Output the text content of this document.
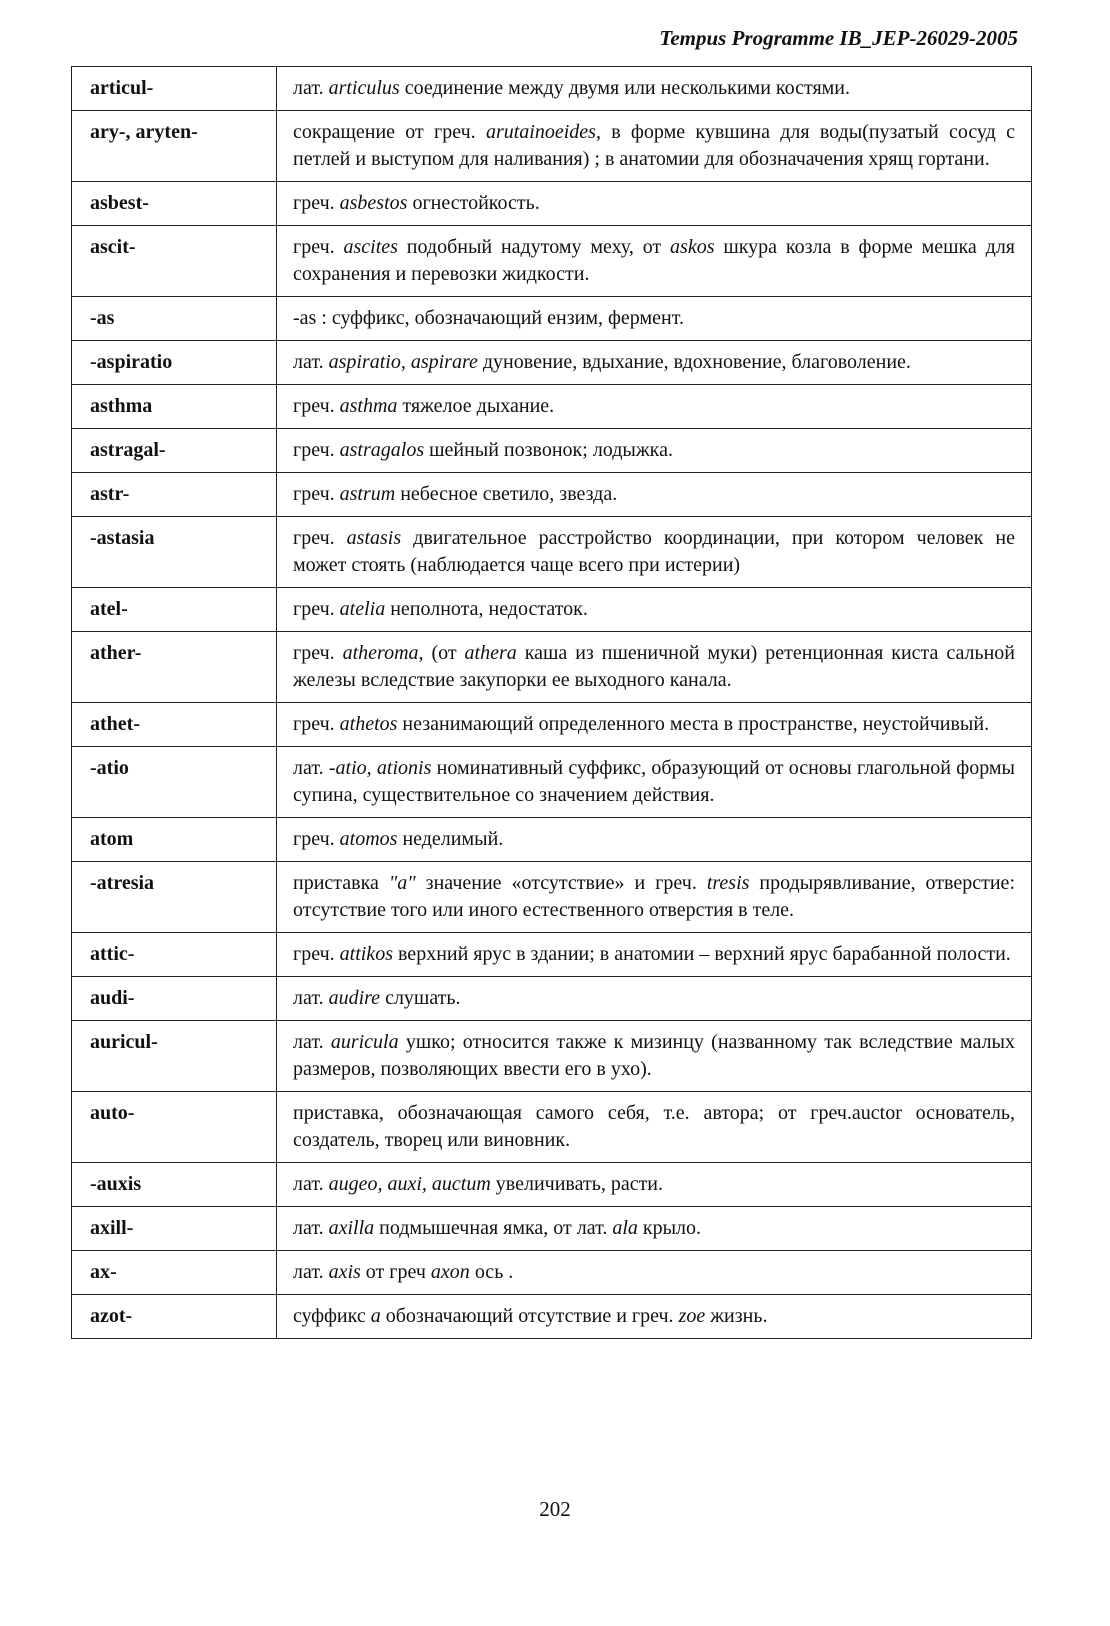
Tempus Programme IB_JEP-26029-2005
articul-	лат. articulus соединение между двумя или несколькими костями.
ary-, aryten-	сокращение от греч. arutainoeides, в форме кувшина для воды(пузатый сосуд с петлей и выступом для наливания) ; в анатомии для обозначачения хрящ гортани.
asbest-	греч. asbestos огнестойкость.
ascit-	греч. ascites подобный надутому меху, от askos шкура козла в форме мешка для сохранения и перевозки жидкости.
-as	-as : суффикс, обозначающий ензим, фермент.
-aspiratio	лат. aspiratio, aspirare дуновение, вдыхание, вдохновение, благоволение.
asthma	греч. asthma тяжелое дыхание.
astragal-	греч. astragalos шейный позвонок; лодыжка.
astr-	греч. astrum небесное светило, звезда.
-astasia	греч. astasis двигательное расстройство координации, при котором человек не может стоять (наблюдается чаще всего при истерии)
atel-	греч. atelia неполнота, недостаток.
ather-	греч. atheroma, (от athera каша из пшеничной муки) ретенционная киста сальной железы вследствие закупорки ее выходного канала.
athet-	греч. athetos незанимающий определенного места в пространстве, неустойчивый.
-atio	лат. -atio, ationis номинативный суффикс, образующий от основы глагольной формы супина, существительное со значением действия.
atom	греч. atomos неделимый.
-atresia	приставка "a" значение «отсутствие» и греч. tresis продырявливание, отверстие: отсутствие того или иного естественного отверстия в теле.
attic-	греч. attikos верхний ярус в здании; в анатомии – верхний ярус барабанной полости.
audi-	лат. audire слушать.
auricul-	лат. auricula ушко; относится также к мизинцу (названному так вследствие малых размеров, позволяющих ввести его в ухо).
auto-	приставка, обозначающая самого себя, т.е. автора; от греч.auctor основатель, создатель, творец или виновник.
-auxis	лат. augeo, auxi, auctum увеличивать, расти.
axill-	лат. axilla подмышечная ямка, от лат. ala крыло.
ax-	лат. axis от греч axon ось .
azot-	суффикс a обозначающий отсутствие и греч. zoe жизнь.
202
